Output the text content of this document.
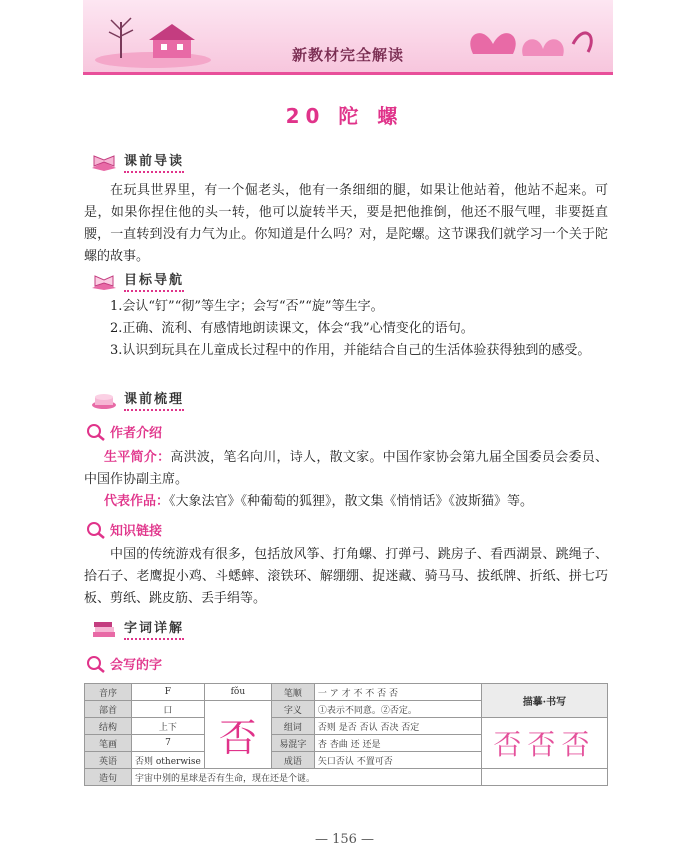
新教材完全解读
20 陀 螺
课前导读
在玩具世界里，有一个倔老头，他有一条细细的腿，如果让他站着，他站不起来。可是，如果你捏住他的头一转，他可以旋转半天，要是把他推倒，他还不服气哩，非要挺直腰，一直转到没有力气为止。你知道是什么吗？对，是陀螺。这节课我们就学习一个关于陀螺的故事。
目标导航
1.会认“钉”“彻”等生字；会写“否”“旋”等生字。
2.正确、流利、有感情地朗读课文，体会“我”心情变化的语句。
3.认识到玩具在儿童成长过程中的作用，并能结合自己的生活体验获得独到的感受。
课前梳理
作者介绍
生平简介：高洪波，笔名向川，诗人，散文家。中国作家协会第九届全国委员会委员、中国作协副主席。
代表作品：《大象法官》《种葡萄的狐狸》，散文集《悄悄话》《波斯猫》等。
知识链接
中国的传统游戏有很多，包括放风筝、打角螺、打弹弓、跳房子、看西湖景、跳绳子、拾石子、老鹰捉小鸡、斗蟋蟀、滚铁环、解绷绷、捉迷藏、骑马马、拔纸牌、折纸、拼七巧板、剪纸、跳皮筋、丢手绢等。
字词详解
会写的字
音序	F	fǒu	笔顺	一 ア 才 不 不 否 否	描摹·书写
部首	口	否	字义	①表示不同意。②否定。	
结构	上下		组词	否则 是否 否认 否决 否定	否否否
笔画	7		易混字	杏 杏曲 还 还是	
英语	否则 otherwise		成语	矢口否认 不置可否	
造句	宇宙中别的星球是否有生命，现在还是个谜。				
— 156 —
